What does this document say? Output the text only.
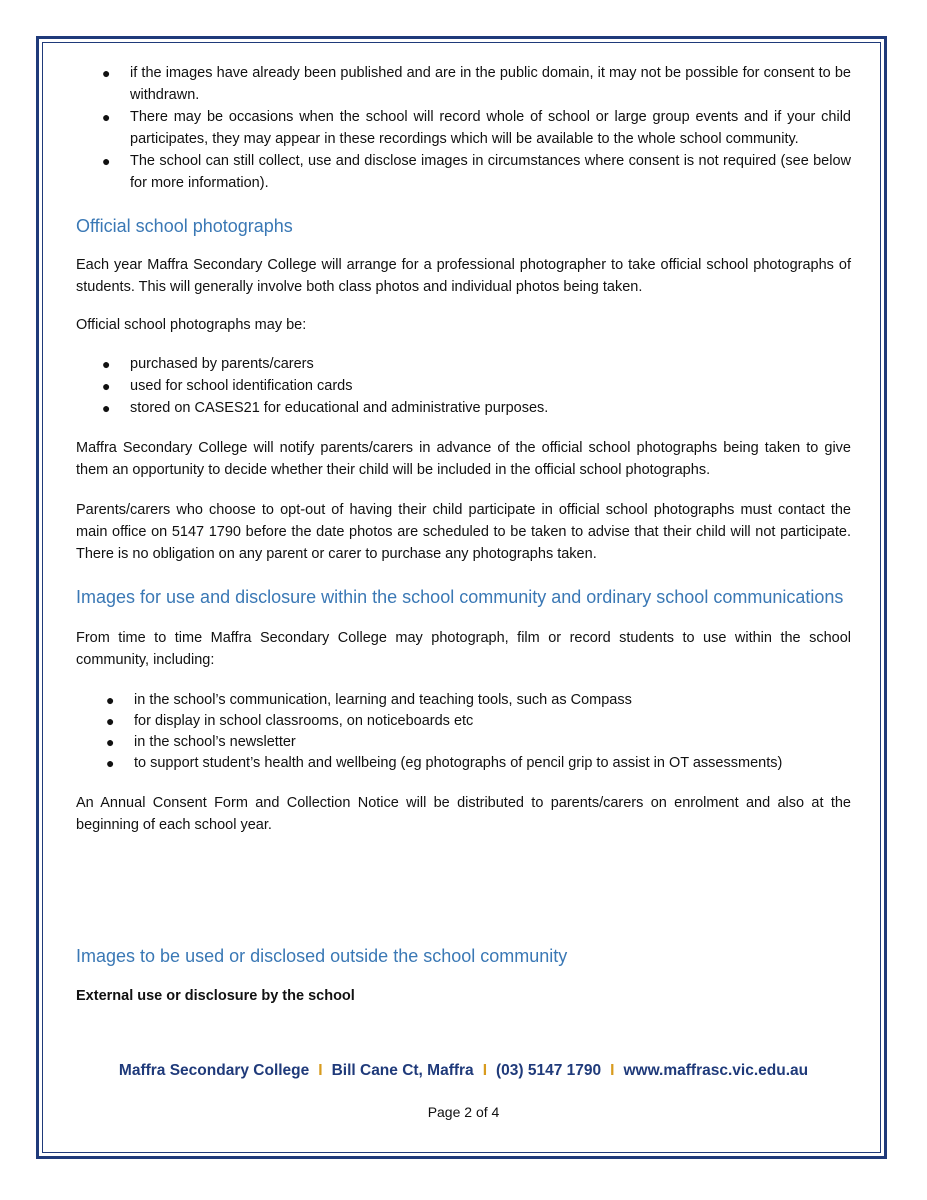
● if the images have already been published and are in the public domain, it may not be possible for consent to be withdrawn.
● There may be occasions when the school will record whole of school or large group events and if your child participates, they may appear in these recordings which will be available to the whole school community.
● The school can still collect, use and disclose images in circumstances where consent is not required (see below for more information).
Official school photographs

Each year Maffra Secondary College will arrange for a professional photographer to take official school photographs of students. This will generally involve both class photos and individual photos being taken.

Official school photographs may be:

● purchased by parents/carers
● used for school identification cards
● stored on CASES21 for educational and administrative purposes.

Maffra Secondary College will notify parents/carers in advance of the official school photographs being taken to give them an opportunity to decide whether their child will be included in the official school photographs.

Parents/carers who choose to opt-out of having their child participate in official school photographs must contact the main office on 5147 1790 before the date photos are scheduled to be taken to advise that their child will not participate. There is no obligation on any parent or carer to purchase any photographs taken.

Images for use and disclosure within the school community and ordinary school communications

From time to time Maffra Secondary College may photograph, film or record students to use within the school community, including:

● in the school’s communication, learning and teaching tools, such as Compass
● for display in school classrooms, on noticeboards etc
● in the school’s newsletter
● to support student’s health and wellbeing (eg photographs of pencil grip to assist in OT assessments)

An Annual Consent Form and Collection Notice will be distributed to parents/carers on enrolment and also at the beginning of each school year.

Images to be used or disclosed outside the school community

External use or disclosure by the school

Maffra Secondary College I Bill Cane Ct, Maffra I (03) 5147 1790 I www.maffrasc.vic.edu.au
Page 2 of 4
